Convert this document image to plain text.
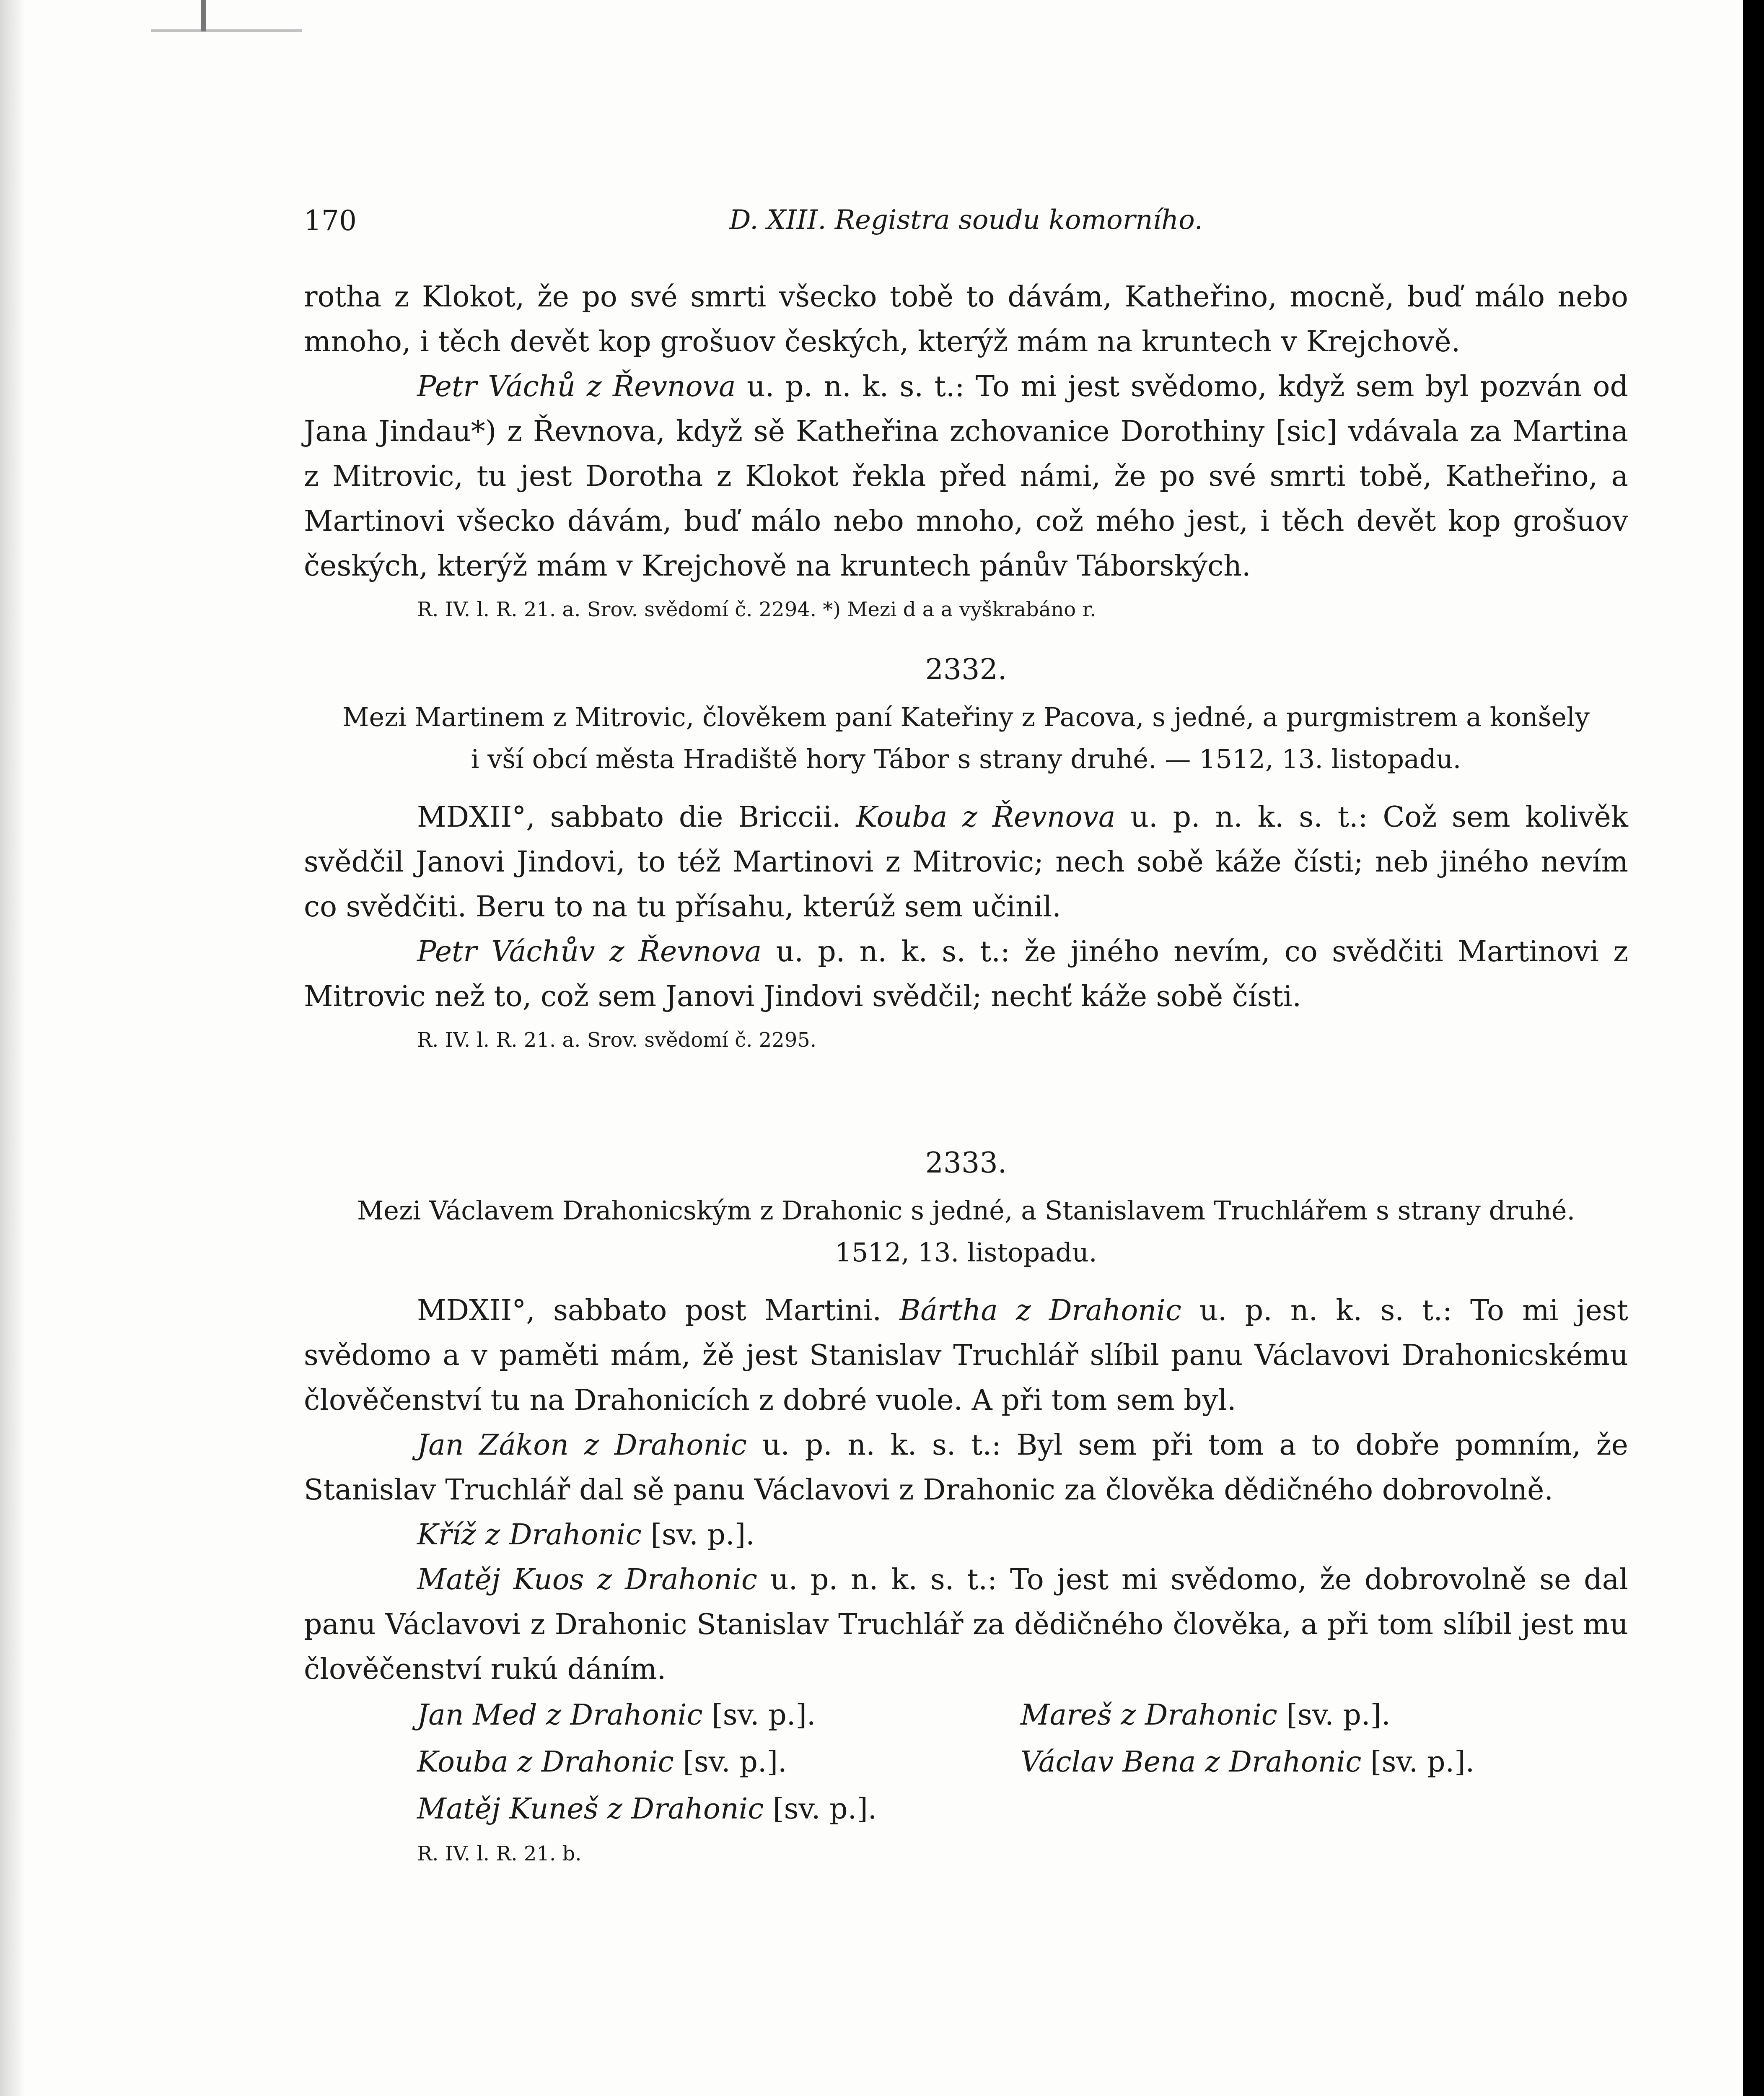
170	D. XIII. Registra soudu komorního.

rotha z Klokot, že po své smrti všecko tobě to dávám, Katheřino, mocně, buď málo nebo mnoho, i těch devět kop grošuov českých, kterýž mám na kruntech v Krejchově.

Petr Váchů z Řevnova u. p. n. k. s. t.: To mi jest svědomo, když sem byl pozván od Jana Jindau*) z Řevnova, když sě Katheřina zchovanice Dorothiny [sic] vdávala za Martina z Mitrovic, tu jest Dorotha z Klokot řekla před námi, že po své smrti tobě, Katheřino, a Martinovi všecko dávám, buď málo nebo mnoho, což mého jest, i těch devět kop grošuov českých, kterýž mám v Krejchově na kruntech pánův Táborských.

R. IV. l. R. 21. a. Srov. svědomí č. 2294. *) Mezi d a a vyškrabáno r.

2332.
Mezi Martinem z Mitrovic, člověkem paní Kateřiny z Pacova, s jedné, a purgmistrem a konšely
i vší obcí města Hradiště hory Tábor s strany druhé. — 1512, 13. listopadu.

MDXII°, sabbato die Briccii. Kouba z Řevnova u. p. n. k. s. t.: Což sem kolivěk svědčil Janovi Jindovi, to též Martinovi z Mitrovic; nech sobě káže čísti; neb jiného nevím co svědčiti. Beru to na tu přísahu, kterúž sem učinil.

Petr Váchův z Řevnova u. p. n. k. s. t.: že jiného nevím, co svědčiti Martinovi z Mitrovic než to, což sem Janovi Jindovi svědčil; nechť káže sobě čísti.

R. IV. l. R. 21. a. Srov. svědomí č. 2295.

2333.
Mezi Václavem Drahonicským z Drahonic s jedné, a Stanislavem Truchlářem s strany druhé.
1512, 13. listopadu.

MDXII°, sabbato post Martini. Bártha z Drahonic u. p. n. k. s. t.: To mi jest svědomo a v paměti mám, žě jest Stanislav Truchlář slíbil panu Václavovi Drahonicskému člověčenství tu na Drahonicích z dobré vuole. A při tom sem byl.

Jan Zákon z Drahonic u. p. n. k. s. t.: Byl sem při tom a to dobře pomním, že Stanislav Truchlář dal sě panu Václavovi z Drahonic za člověka dědičného dobrovolně.

Kříž z Drahonic [sv. p.].

Matěj Kuos z Drahonic u. p. n. k. s. t.: To jest mi svědomo, že dobrovolně se dal panu Václavovi z Drahonic Stanislav Truchlář za dědičného člověka, a při tom slíbil jest mu člověčenství rukú dáním.

Jan Med z Drahonic [sv. p.].	Mareš z Drahonic [sv. p.].
Kouba z Drahonic [sv. p.].	Václav Bena z Drahonic [sv. p.].
Matěj Kuneš z Drahonic [sv. p.].

R. IV. l. R. 21. b.
